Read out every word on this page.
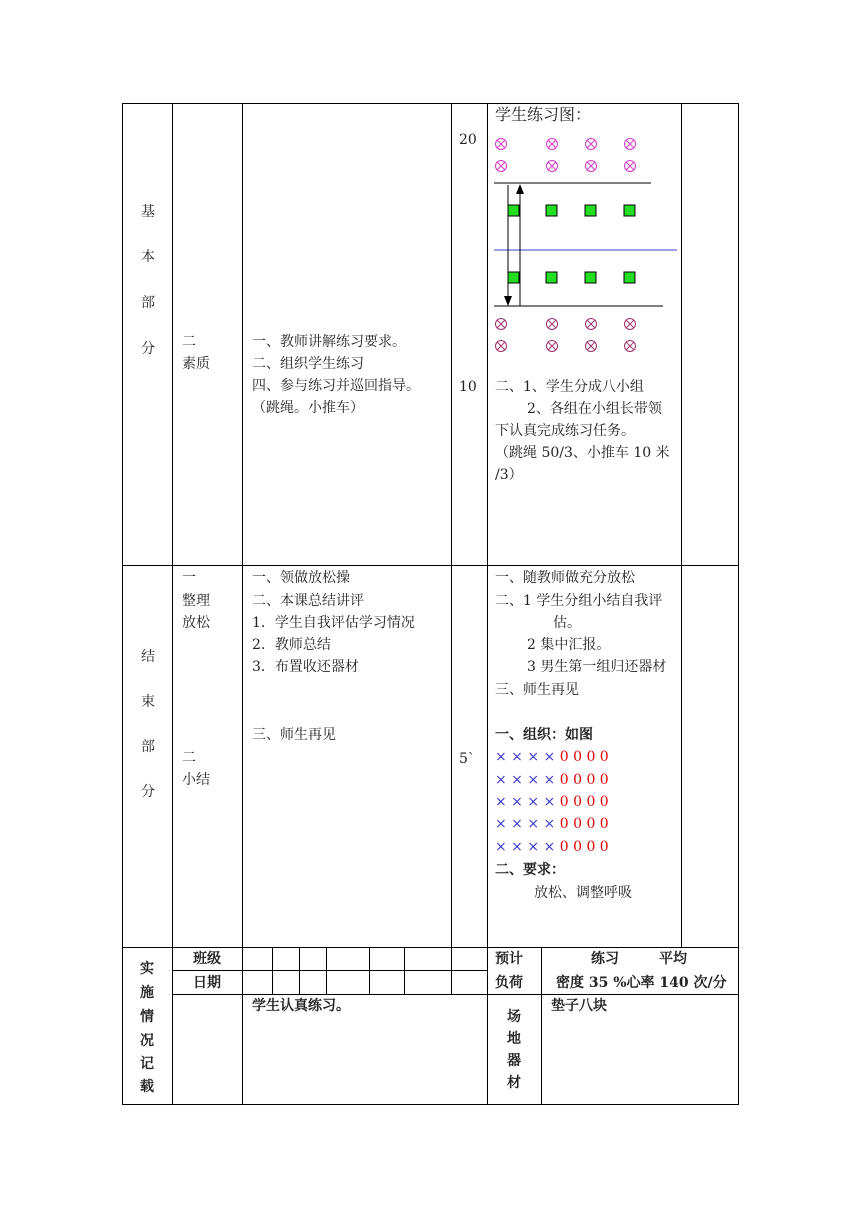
基
本
部
分 二
素质
一、教师讲解练习要求。
二、组织学生练习
四、参与练习并巡回指导。
（跳绳。小推车）
20
10
学生练习图：
二、1、学生分成八小组
2、各组在小组长带领
下认真完成练习任务。
（跳绳 50/3、小推车 10 米
/3）
结
束
部
分
一
整理
放松
二
小结
一、领做放松操
二、本课总结讲评
1．学生自我评估学习情况
2．教师总结
3．布置收还器材
三、师生再见
5`
一、随教师做充分放松
二、1 学生分组小结自我评
估。
2 集中汇报。
3 男生第一组归还器材
三、师生再见
一、组织：如图
× × × × 0 0 0 0
× × × × 0 0 0 0
× × × × 0 0 0 0
× × × × 0 0 0 0
× × × × 0 0 0 0
二、要求：
放松、调整呼吸
实
施
情
况
记
载
班级
日期
预计
负荷
练习	平均
密度 35 %心率 140 次/分
学生认真练习。
场
地
器
材
垫子八块
